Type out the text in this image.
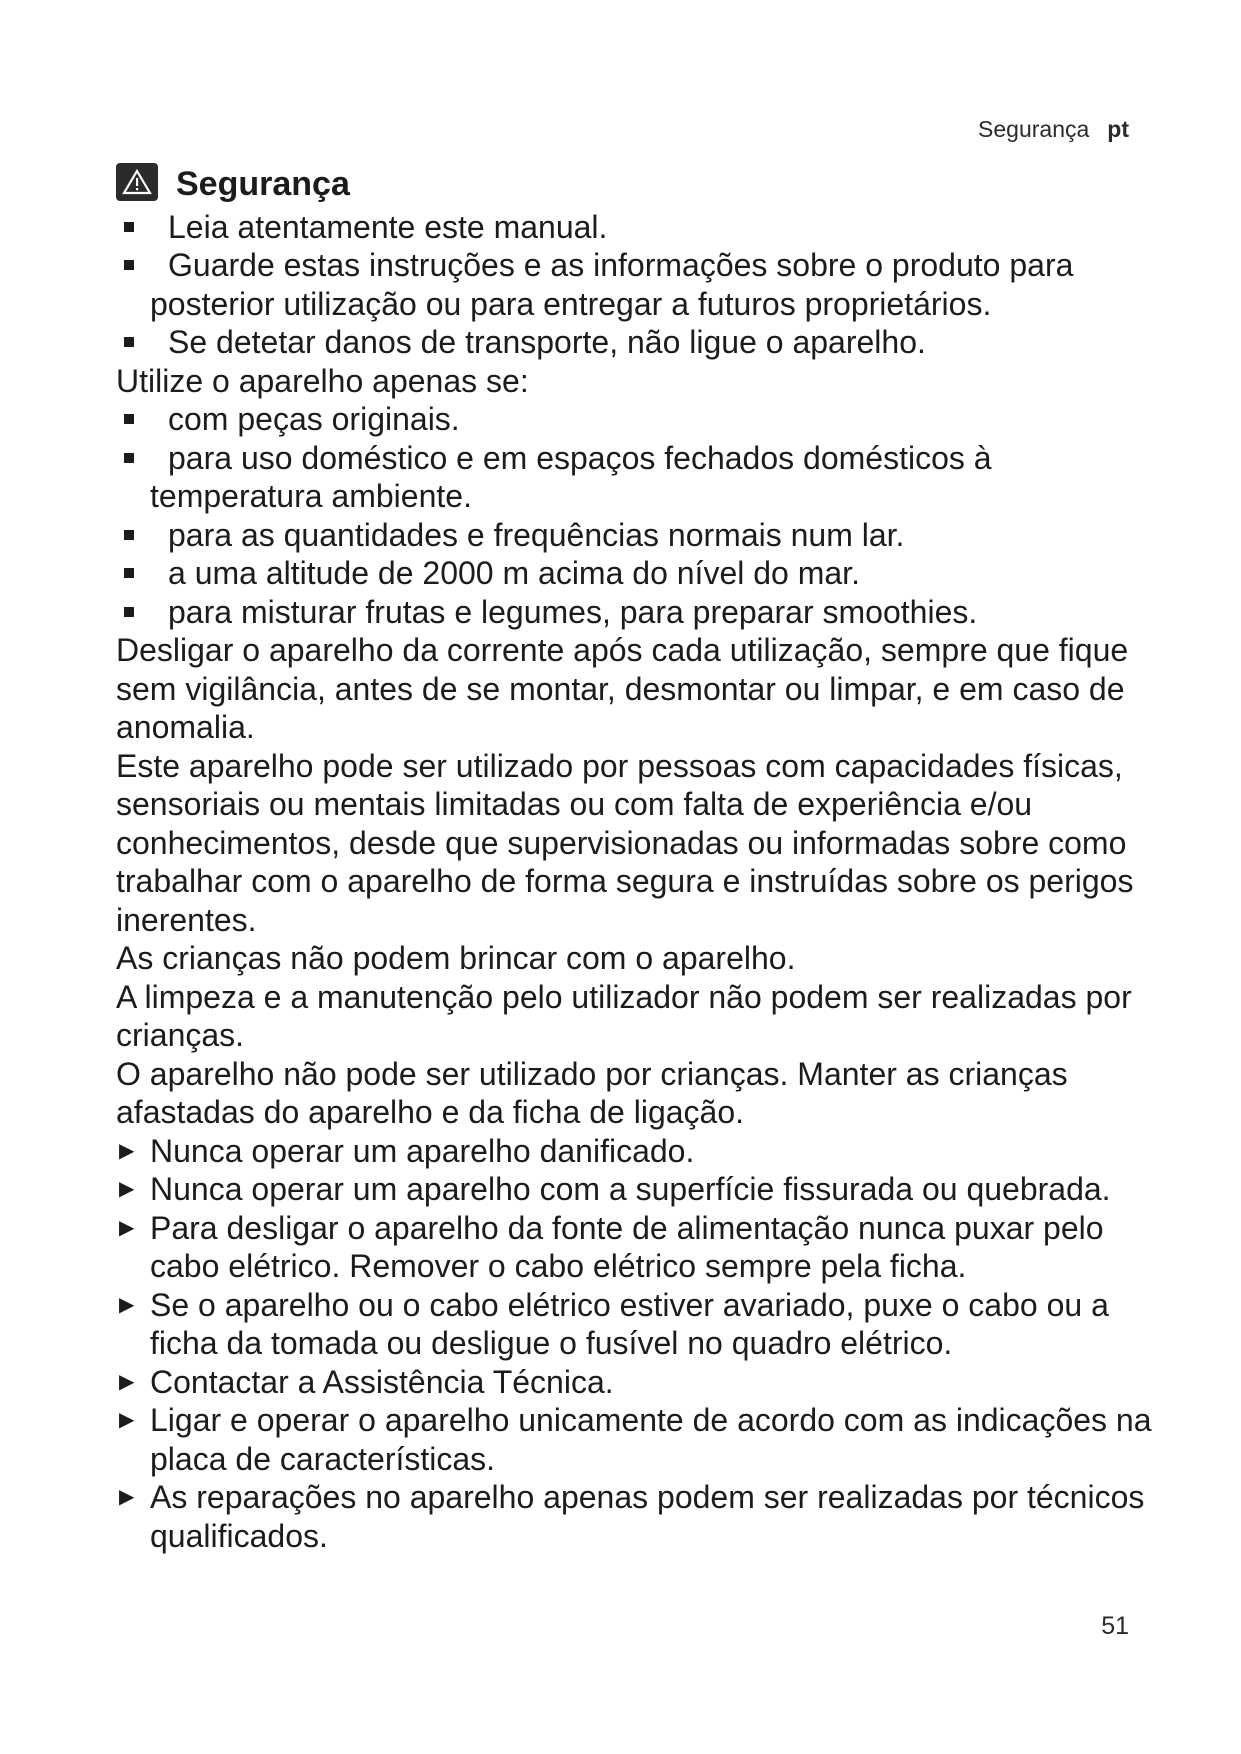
Segurança pt
Segurança

Leia atentamente este manual.

Guarde estas instruções e as informações sobre o produto para posterior utilização ou para entregar a futuros proprietários.

Se detetar danos de transporte, não ligue o aparelho.

Utilize o aparelho apenas se:

com peças originais.

para uso doméstico e em espaços fechados domésticos à temperatura ambiente.

para as quantidades e frequências normais num lar.

a uma altitude de 2000 m acima do nível do mar.

para misturar frutas e legumes, para preparar smoothies.

Desligar o aparelho da corrente após cada utilização, sempre que fique sem vigilância, antes de se montar, desmontar ou limpar, e em caso de anomalia.

Este aparelho pode ser utilizado por pessoas com capacidades físicas, sensoriais ou mentais limitadas ou com falta de experiência e/ou conhecimentos, desde que supervisionadas ou informadas sobre como trabalhar com o aparelho de forma segura e instruídas sobre os perigos inerentes.

As crianças não podem brincar com o aparelho.

A limpeza e a manutenção pelo utilizador não podem ser realizadas por crianças.

O aparelho não pode ser utilizado por crianças. Manter as crianças afastadas do aparelho e da ficha de ligação.

▶ Nunca operar um aparelho danificado.

▶ Nunca operar um aparelho com a superfície fissurada ou quebrada.

▶ Para desligar o aparelho da fonte de alimentação nunca puxar pelo cabo elétrico. Remover o cabo elétrico sempre pela ficha.

▶ Se o aparelho ou o cabo elétrico estiver avariado, puxe o cabo ou a ficha da tomada ou desligue o fusível no quadro elétrico.

▶ Contactar a Assistência Técnica.

▶ Ligar e operar o aparelho unicamente de acordo com as indicações na placa de características.

▶ As reparações no aparelho apenas podem ser realizadas por técnicos qualificados.

51
